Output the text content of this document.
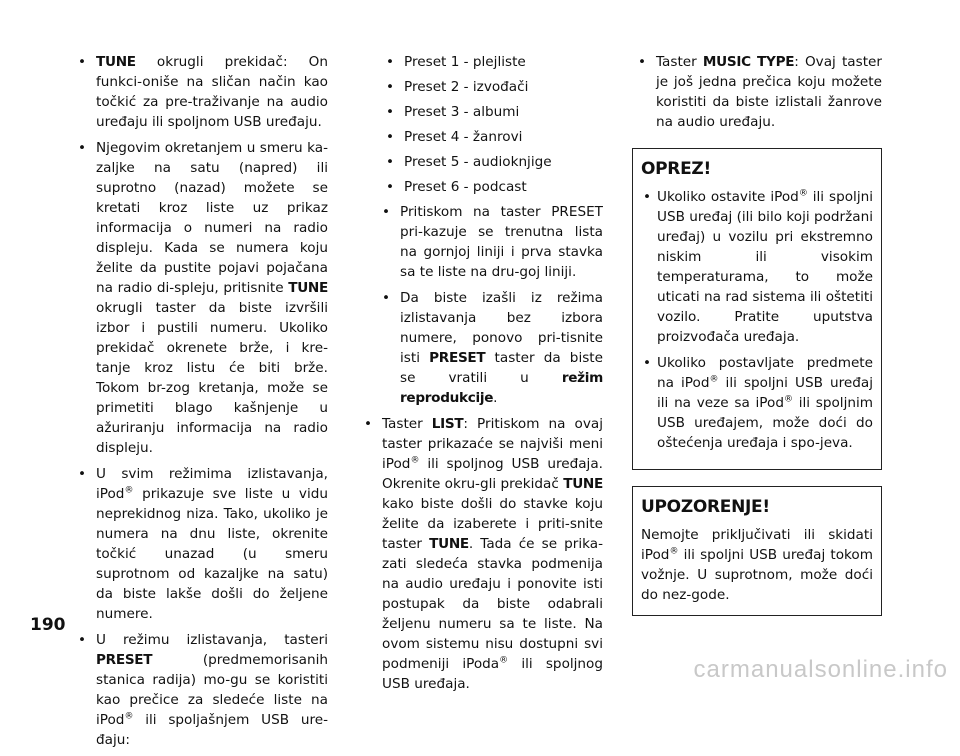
• TUNE okrugli prekidač: On funkci-oniše na sličan način kao točkić za pre-traživanje na audio uređaju ili spoljnom USB uređaju.
• Njegovim okretanjem u smeru ka-zaljke na satu (napred) ili suprotno (nazad) možete se kretati kroz liste uz prikaz informacija o numeri na radio displeju. Kada se numera koju želite da pustite pojavi pojačana na radio di-spleju, pritisnite TUNE okrugli taster da biste izvršili izbor i pustili numeru. Ukoliko prekidač okrenete brže, i kre-tanje kroz listu će biti brže. Tokom br-zog kretanja, može se primetiti blago kašnjenje u ažuriranju informacija na radio displeju.
• U svim režimima izlistavanja, iPod® prikazuje sve liste u vidu neprekidnog niza. Tako, ukoliko je numera na dnu liste, okrenite točkić unazad (u smeru suprotnom od kazaljke na satu) da biste lakše došli do željene numere.
• U režimu izlistavanja, tasteri PRESET (predmemorisanih stanica radija) mo-gu se koristiti kao prečice za sledeće liste na iPod® ili spoljašnjem USB ure-đaju:
• Preset 1 - plejliste
• Preset 2 - izvođači
• Preset 3 - albumi
• Preset 4 - žanrovi
• Preset 5 - audioknjige
• Preset 6 - podcast
• Pritiskom na taster PRESET pri-kazuje se trenutna lista na gornjoj liniji i prva stavka sa te liste na dru-goj liniji.
• Da biste izašli iz režima izlistavanja bez izbora numere, ponovo pri-tisnite isti PRESET taster da biste se vratili u režim reprodukcije.
• Taster LIST: Pritiskom na ovaj taster prikazaće se najviši meni iPod® ili spoljnog USB uređaja. Okrenite okru-gli prekidač TUNE kako biste došli do stavke koju želite da izaberete i priti-snite taster TUNE. Tada će se prika-zati sledeća stavka podmenija na audio uređaju i ponovite isti postupak da biste odabrali željenu numeru sa te liste. Na ovom sistemu nisu dostupni svi podmeniji iPoda® ili spoljnog USB uređaja.
• Taster MUSIC TYPE: Ovaj taster je još jedna prečica koju možete koristiti da biste izlistali žanrove na audio uređaju.
OPREZ!
• Ukoliko ostavite iPod® ili spoljni USB uređaj (ili bilo koji podržani uređaj) u vozilu pri ekstremno niskim ili visokim temperaturama, to može uticati na rad sistema ili oštetiti vozilo. Pratite uputstva proizvođača uređaja.
• Ukoliko postavljate predmete na iPod® ili spoljni USB uređaj ili na veze sa iPod® ili spoljnim USB uređajem, može doći do oštećenja uređaja i spo-jeva.
UPOZORENJE!

Nemojte priključivati ili skidati iPod® ili spoljni USB uređaj tokom vožnje. U suprotnom, može doći do nez-gode.

190
carmanualsonline.info
